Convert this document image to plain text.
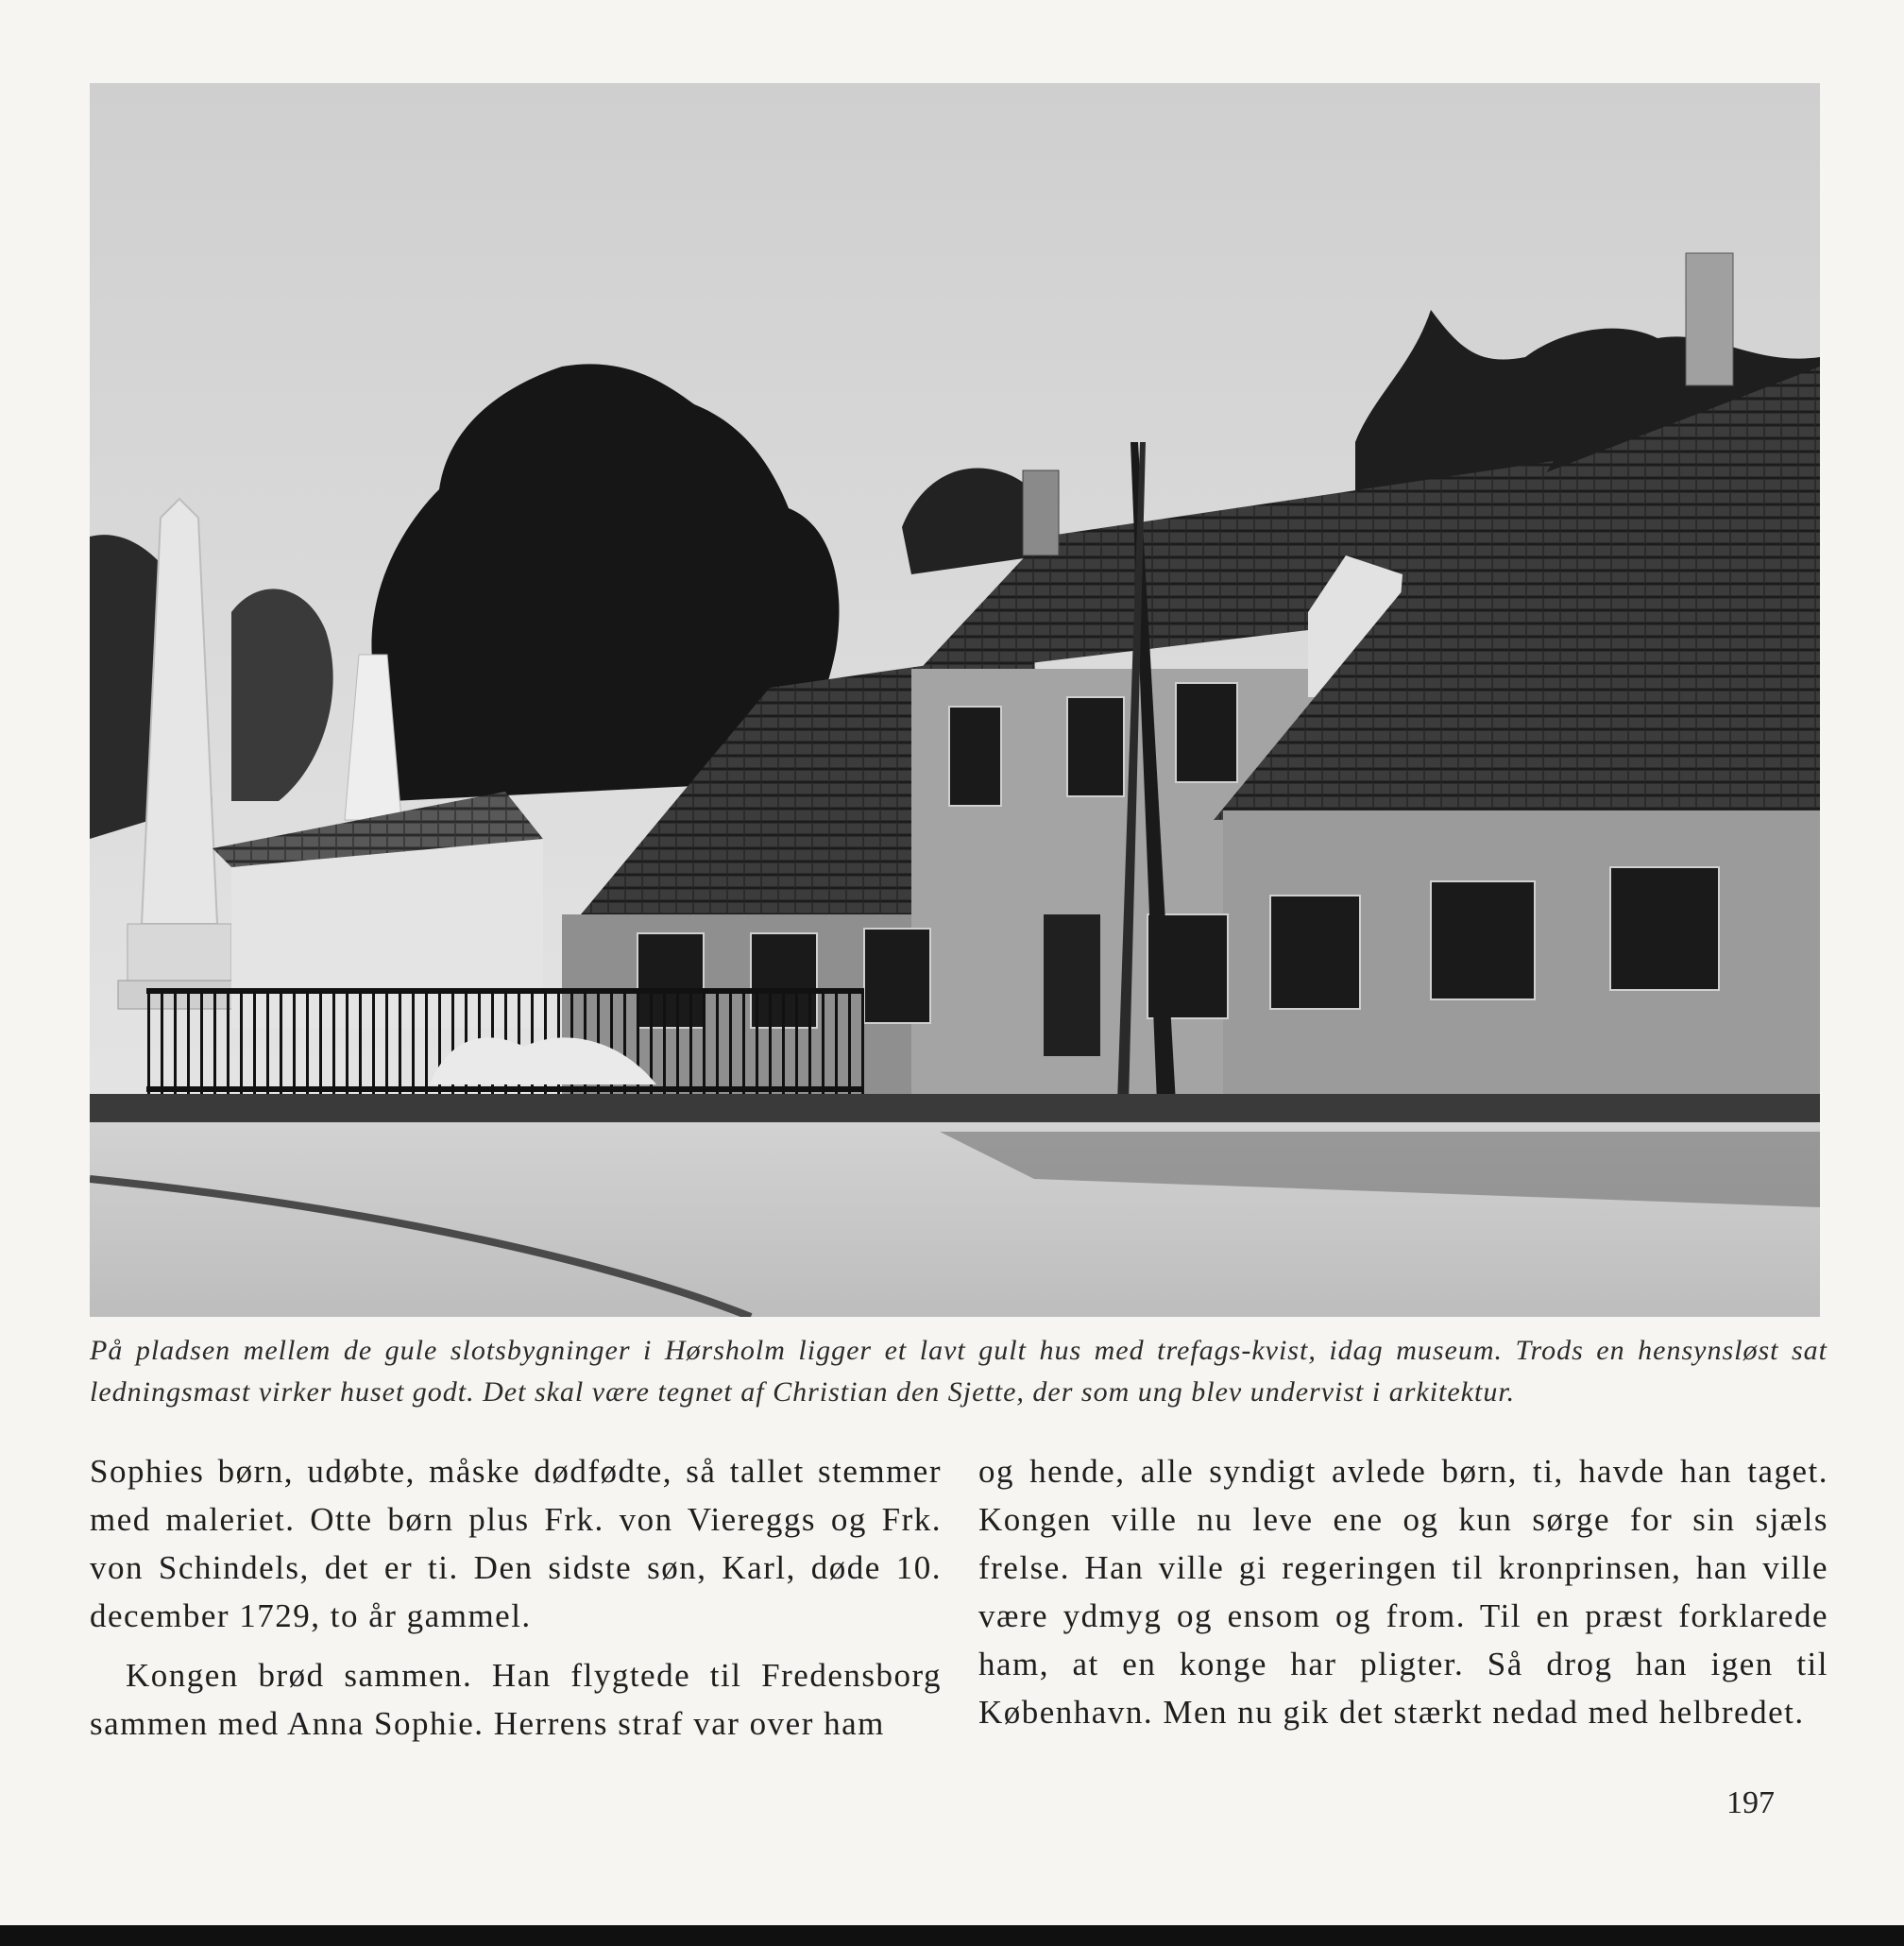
På pladsen mellem de gule slotsbygninger i Hørsholm ligger et lavt gult hus med trefags-kvist, idag museum. Trods en hensynsløst sat ledningsmast virker huset godt. Det skal være tegnet af Christian den Sjette, der som ung blev undervist i arkitektur.

Sophies børn, udøbte, måske dødfødte, så tallet stemmer med maleriet. Otte børn plus Frk. von Viereggs og Frk. von Schindels, det er ti. Den sidste søn, Karl, døde 10. december 1729, to år gammel.

Kongen brød sammen. Han flygtede til Fredensborg sammen med Anna Sophie. Herrens straf var over ham

og hende, alle syndigt avlede børn, ti, havde han taget. Kongen ville nu leve ene og kun sørge for sin sjæls frelse. Han ville gi regeringen til kronprinsen, han ville være ydmyg og ensom og from. Til en præst forklarede ham, at en konge har pligter. Så drog han igen til København. Men nu gik det stærkt nedad med helbredet.

197
